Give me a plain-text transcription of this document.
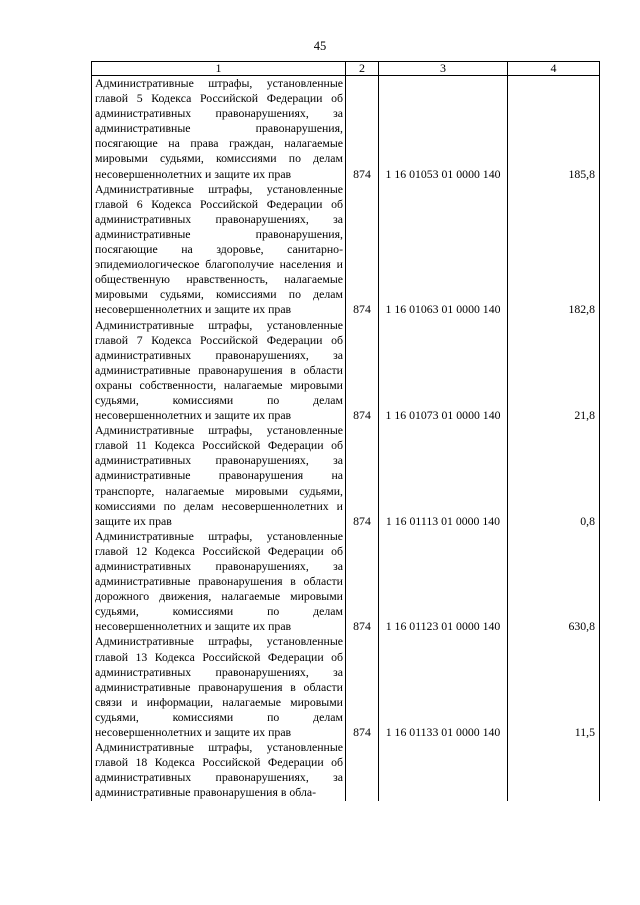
45
1	2	3	4
Административные штрафы, установленные главой 5 Кодекса Российской Федерации об административных правонарушениях, за административные правонарушения, посягающие на права граждан, налагаемые мировыми судьями, комиссиями по делам несовершеннолетних и защите их прав	874	1 16 01053 01 0000 140	185,8
Административные штрафы, установленные главой 6 Кодекса Российской Федерации об административных правонарушениях, за административные правонарушения, посягающие на здоровье, санитарно-эпидемиологическое благополучие населения и общественную нравственность, налагаемые мировыми судьями, комиссиями по делам несовершеннолетних и защите их прав	874	1 16 01063 01 0000 140	182,8
Административные штрафы, установленные главой 7 Кодекса Российской Федерации об административных правонарушениях, за административные правонарушения в области охраны собственности, налагаемые мировыми судьями, комиссиями по делам несовершеннолетних и защите их прав	874	1 16 01073 01 0000 140	21,8
Административные штрафы, установленные главой 11 Кодекса Российской Федерации об административных правонарушениях, за административные правонарушения на транспорте, налагаемые мировыми судьями, комиссиями по делам несовершеннолетних и защите их прав	874	1 16 01113 01 0000 140	0,8
Административные штрафы, установленные главой 12 Кодекса Российской Федерации об административных правонарушениях, за административные правонарушения в области дорожного движения, налагаемые мировыми судьями, комиссиями по делам несовершеннолетних и защите их прав	874	1 16 01123 01 0000 140	630,8
Административные штрафы, установленные главой 13 Кодекса Российской Федерации об административных правонарушениях, за административные правонарушения в области связи и информации, налагаемые мировыми судьями, комиссиями по делам несовершеннолетних и защите их прав	874	1 16 01133 01 0000 140	11,5
Административные штрафы, установленные главой 18 Кодекса Российской Федерации об административных правонарушениях, за административные правонарушения в обла-			
